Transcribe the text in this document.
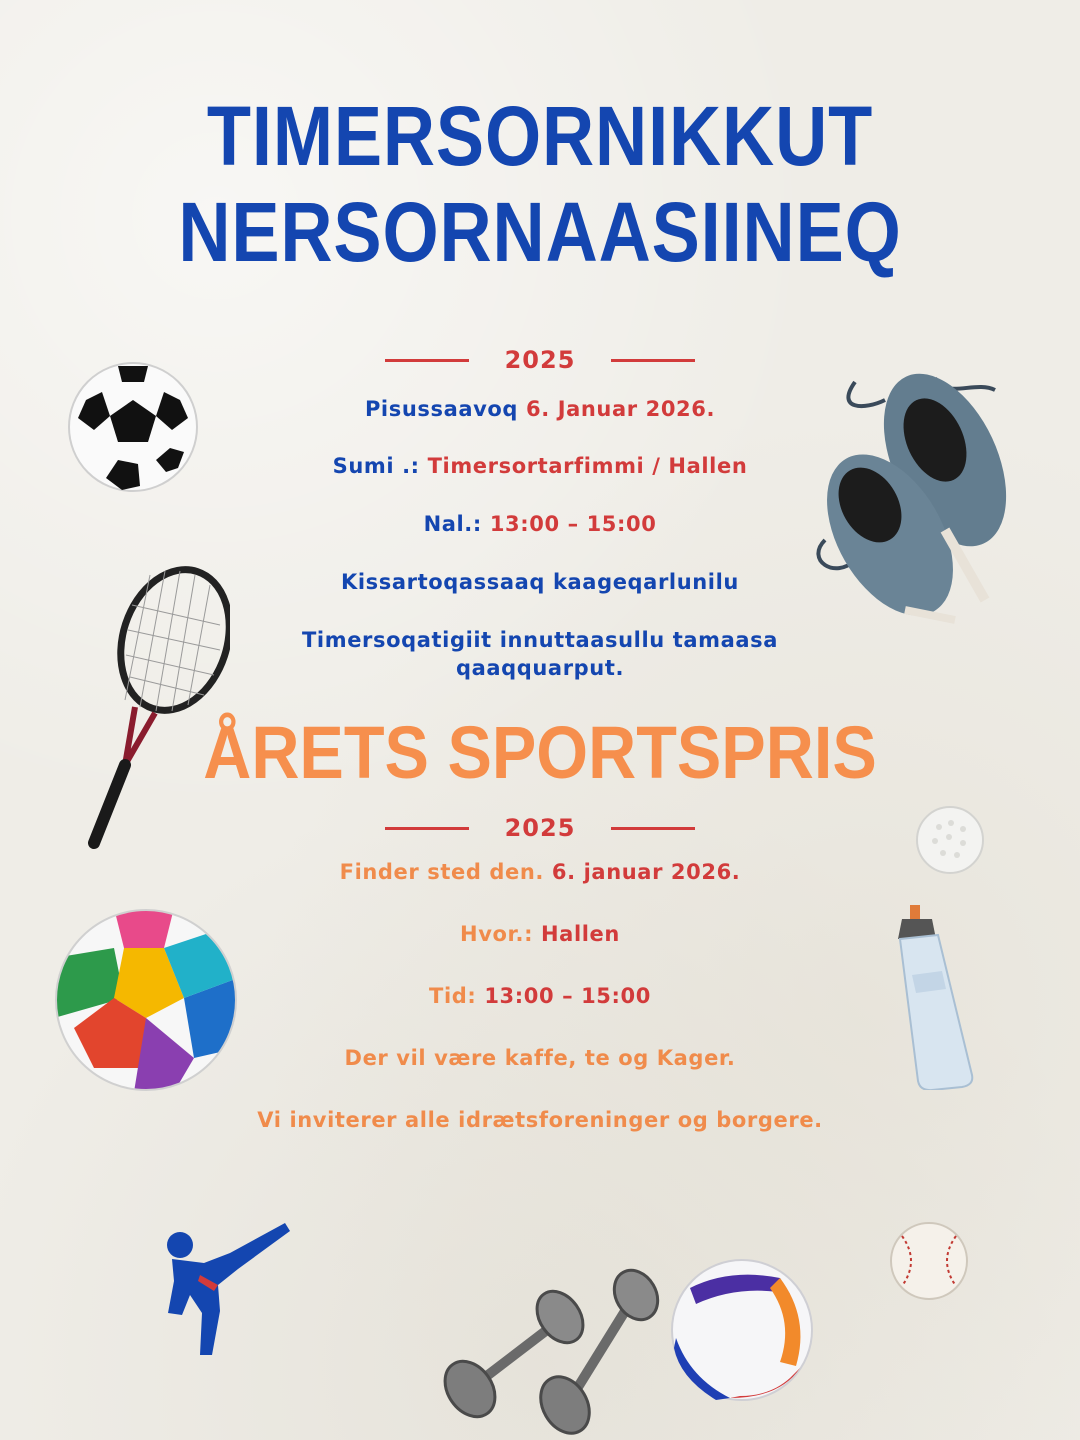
TIMERSORNIKKUT
NERSORNAASIINEQ
2025
Pisussaavoq 6. Januar 2026.
Sumi .: Timersortarfimmi / Hallen
Nal.: 13:00 – 15:00
Kissartoqassaaq kaageqarlunilu
Timersoqatigiit innuttaasullu tamaasa
qaaqquarput.
ÅRETS SPORTSPRIS
2025
Finder sted den. 6. januar 2026.
Hvor.: Hallen
Tid: 13:00 – 15:00
Der vil være kaffe, te og Kager.
Vi inviterer alle idrætsforeninger og borgere.
